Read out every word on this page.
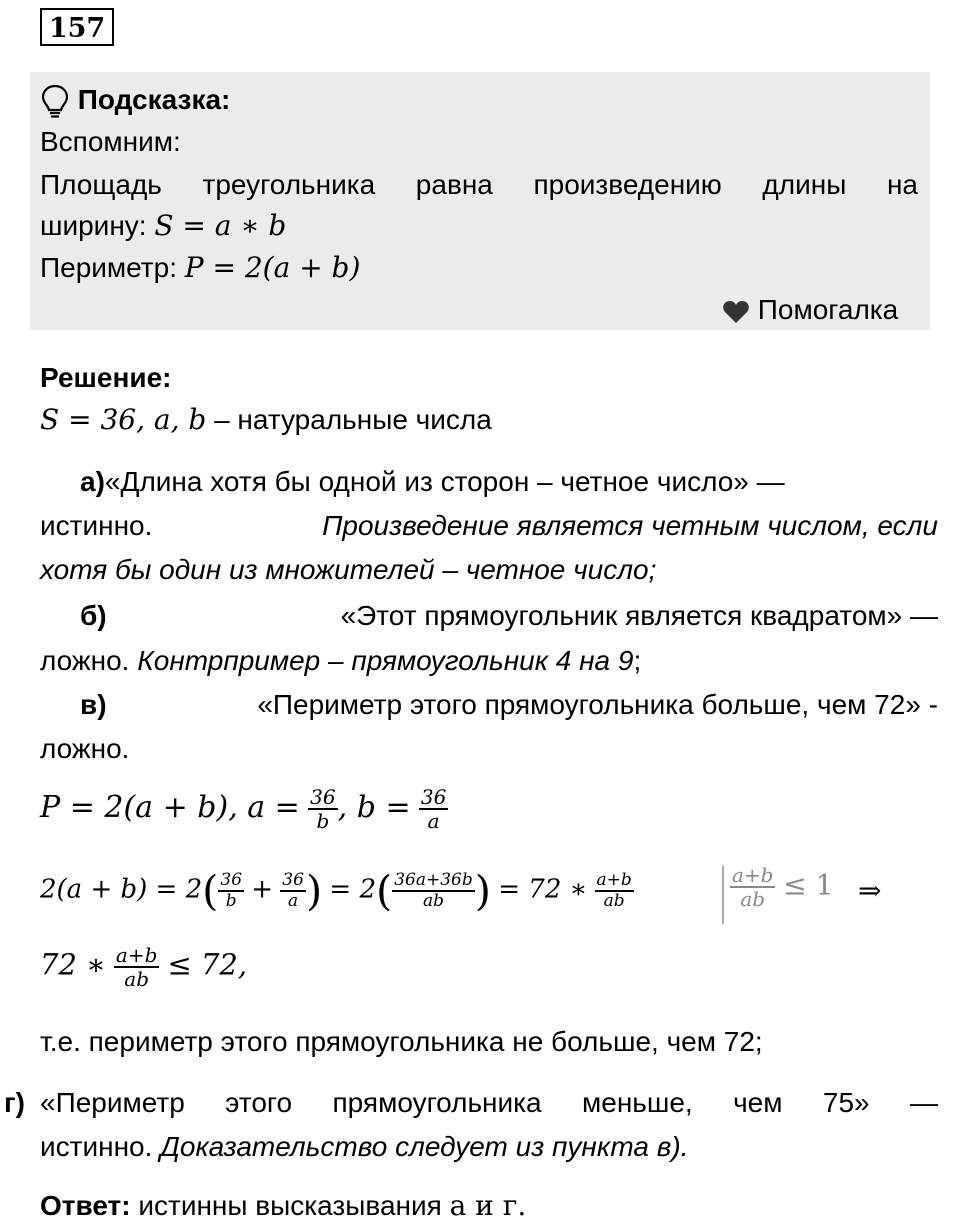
157
Подсказка:
Вспомним:
Площадь треугольника равна произведению длины на
ширину: S = a ∗ b
Периметр: P = 2(a + b)
Помогалка
Решение:
S = 36, a, b – натуральные числа
а)«Длина хотя бы одной из сторон – четное число» —
истинно.	Произведение является четным числом, если
хотя бы один из множителей – четное число;
б)	«Этот прямоугольник является квадратом» —
ложно. Контрпример – прямоугольник 4 на 9;
в)	«Периметр этого прямоугольника больше, чем 72» -
ложно.
P = 2(a + b), $a = \frac{36}{b}$ , $b = \frac{36}{a}$
$2(a + b) = 2( \frac{36}{b} + \frac{36}{a}$ ) = $2( \frac{36a+36b}{ab}$ ) = 72 ∗ $\frac{a+b}{ab}$	$\frac{a+b}{ab} \le 1$ ⇒
72 ∗ $\frac{a+b}{ab} \le 72$,
т.е. периметр этого прямоугольника не больше, чем 72;
г) «Периметр этого прямоугольника меньше, чем 75» —
истинно. Доказательство следует из пункта в).
Ответ: истинны высказывания а и г.
